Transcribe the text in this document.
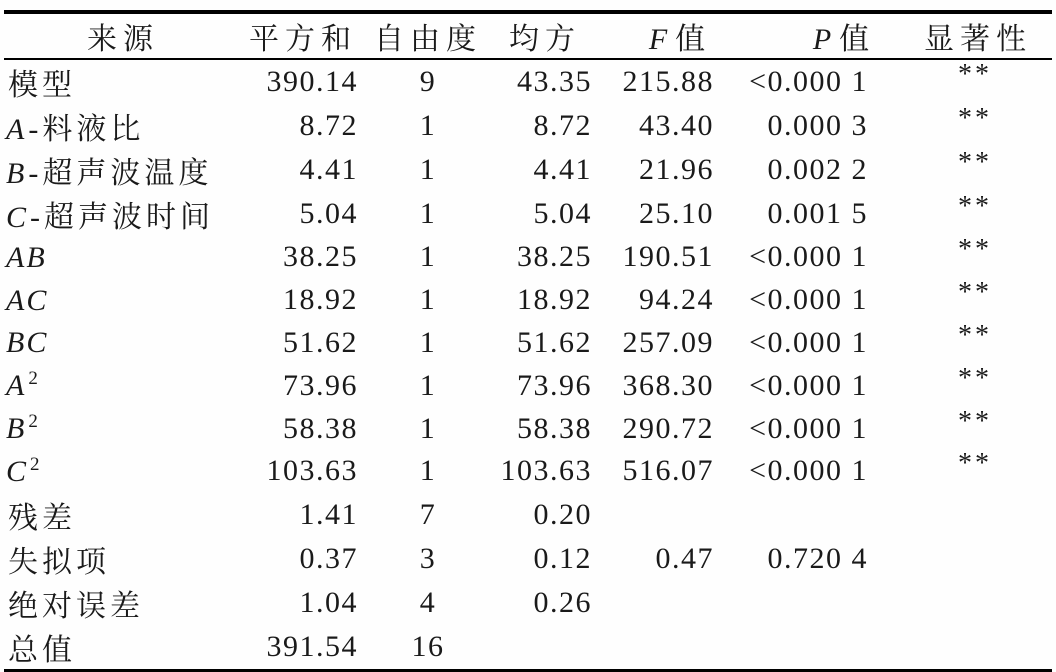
来源	平方和	自由度	均方	F 值	P 值	显著性
模型	390.14	9	43.35	215.88	<0.000 1	**
A-料液比	8.72	1	8.72	43.40	0.000 3	**
B-超声波温度	4.41	1	4.41	21.96	0.002 2	**
C-超声波时间	5.04	1	5.04	25.10	0.001 5	**
AB	38.25	1	38.25	190.51	<0.000 1	**
AC	18.92	1	18.92	94.24	<0.000 1	**
BC	51.62	1	51.62	257.09	<0.000 1	**
A $^2$	73.96	1	73.96	368.30	<0.000 1	**
B $^2$	58.38	1	58.38	290.72	<0.000 1	**
C $^2$	103.63	1	103.63	516.07	<0.000 1	**
残差	1.41	7	0.20			
失拟项	0.37	3	0.12	0.47	0.720 4	
绝对误差	1.04	4	0.26			
总值	391.54	16				
